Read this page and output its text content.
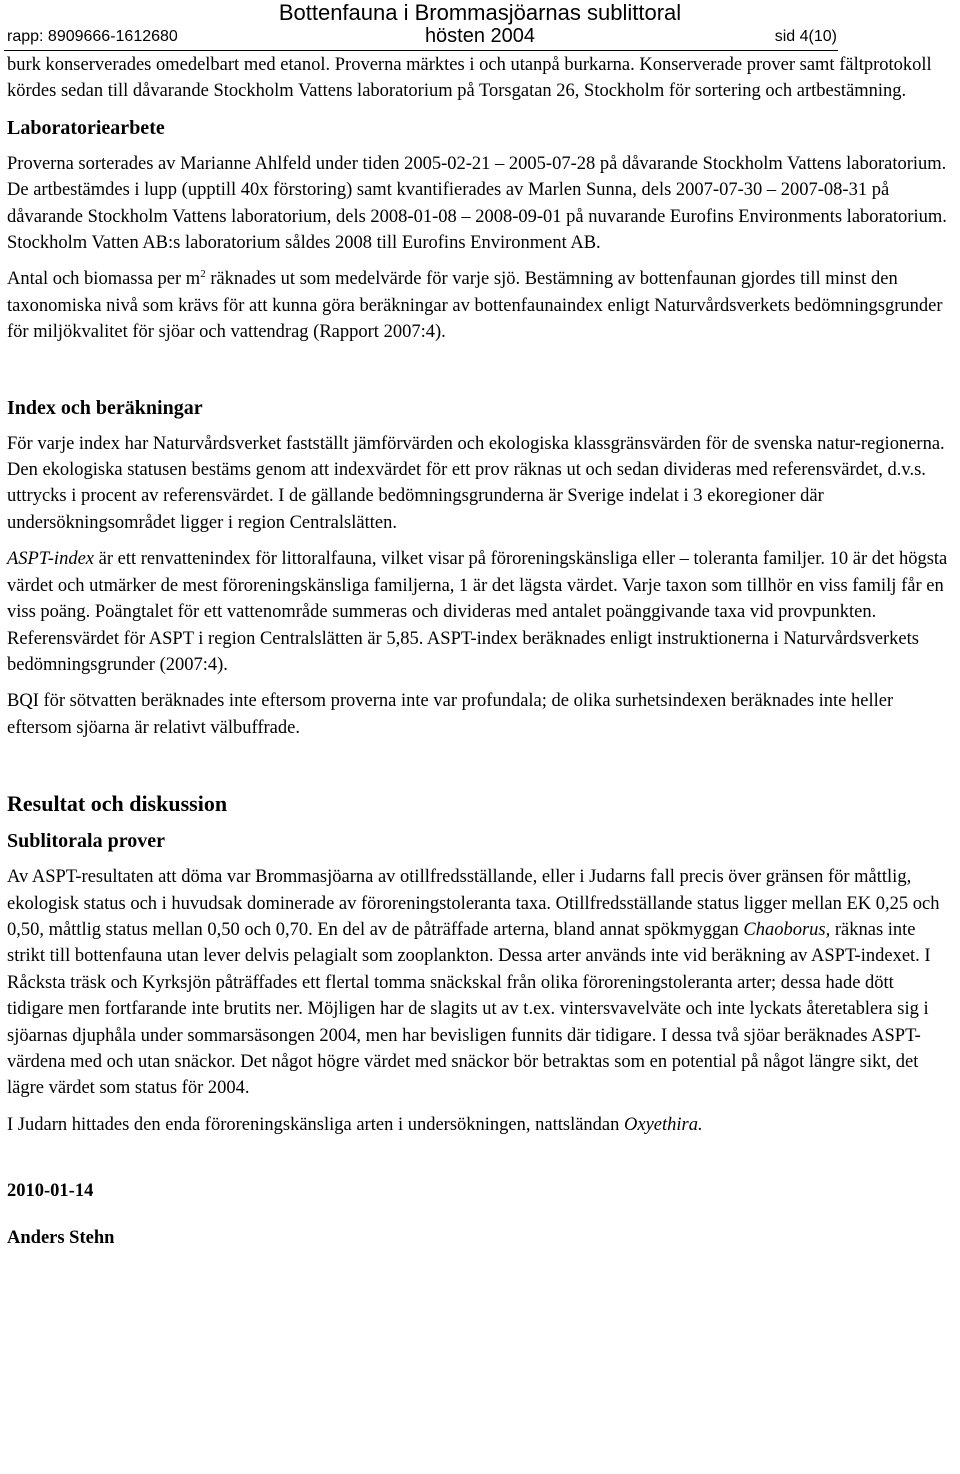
Bottenfauna i Brommasjöarnas sublittoral
rapp: 8909666-1612680	hösten 2004	sid 4(10)

burk konserverades omedelbart med etanol. Proverna märktes i och utanpå burkarna. Konserverade prover samt fältprotokoll kördes sedan till dåvarande Stockholm Vattens laboratorium på Torsgatan 26, Stockholm för sortering och artbestämning.

Laboratoriearbete

Proverna sorterades av Marianne Ahlfeld under tiden 2005-02-21 – 2005-07-28 på dåvarande Stockholm Vattens laboratorium. De artbestämdes i lupp (upptill 40x förstoring) samt kvantifierades av Marlen Sunna, dels 2007-07-30 – 2007-08-31 på dåvarande Stockholm Vattens laboratorium, dels 2008-01-08 – 2008-09-01 på nuvarande Eurofins Environments laboratorium. Stockholm Vatten AB:s laboratorium såldes 2008 till Eurofins Environment AB.

Antal och biomassa per $m^2$ räknades ut som medelvärde för varje sjö. Bestämning av bottenfaunan gjordes till minst den taxonomiska nivå som krävs för att kunna göra beräkningar av bottenfaunaindex enligt Naturvårdsverkets bedömningsgrunder för miljökvalitet för sjöar och vattendrag (Rapport 2007:4).

Index och beräkningar

För varje index har Naturvårdsverket fastställt jämförvärden och ekologiska klassgränsvärden för de svenska natur-regionerna. Den ekologiska statusen bestäms genom att indexvärdet för ett prov räknas ut och sedan divideras med referensvärdet, d.v.s. uttrycks i procent av referensvärdet. I de gällande bedömningsgrunderna är Sverige indelat i 3 ekoregioner där undersökningsområdet ligger i region Centralslätten.

ASPT-index är ett renvattenindex för littoralfauna, vilket visar på föroreningskänsliga eller – toleranta familjer. 10 är det högsta värdet och utmärker de mest föroreningskänsliga familjerna, 1 är det lägsta värdet. Varje taxon som tillhör en viss familj får en viss poäng. Poängtalet för ett vattenområde summeras och divideras med antalet poänggivande taxa vid provpunkten. Referensvärdet för ASPT i region Centralslätten är 5,85. ASPT-index beräknades enligt instruktionerna i Naturvårdsverkets bedömningsgrunder (2007:4).

BQI för sötvatten beräknades inte eftersom proverna inte var profundala; de olika surhetsindexen beräknades inte heller eftersom sjöarna är relativt välbuffrade.

Resultat och diskussion

Sublitorala prover

Av ASPT-resultaten att döma var Brommasjöarna av otillfredsställande, eller i Judarns fall precis över gränsen för måttlig, ekologisk status och i huvudsak dominerade av föroreningstoleranta taxa. Otillfredsställande status ligger mellan EK 0,25 och 0,50, måttlig status mellan 0,50 och 0,70. En del av de påträffade arterna, bland annat spökmyggan Chaoborus, räknas inte strikt till bottenfauna utan lever delvis pelagialt som zooplankton. Dessa arter används inte vid beräkning av ASPT-indexet. I Råcksta träsk och Kyrksjön påträffades ett flertal tomma snäckskal från olika föroreningstoleranta arter; dessa hade dött tidigare men fortfarande inte brutits ner. Möjligen har de slagits ut av t.ex. vintersvavelväte och inte lyckats återetablera sig i sjöarnas djuphåla under sommarsäsongen 2004, men har bevisligen funnits där tidigare. I dessa två sjöar beräknades ASPT-värdena med och utan snäckor. Det något högre värdet med snäckor bör betraktas som en potential på något längre sikt, det lägre värdet som status för 2004.

I Judarn hittades den enda föroreningskänsliga arten i undersökningen, nattsländan Oxyethira.

2010-01-14

Anders Stehn
